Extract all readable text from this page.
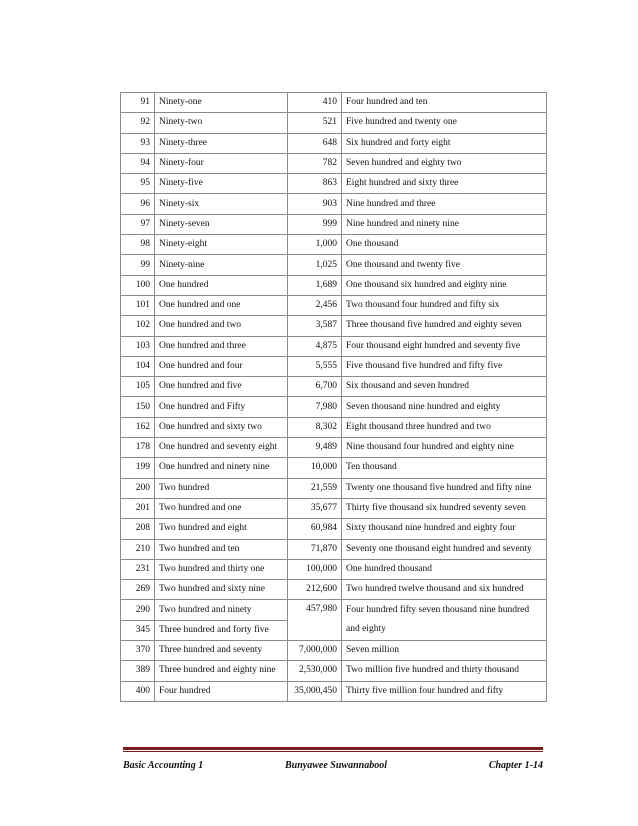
91	Ninety-one	410	Four hundred and ten
92	Ninety-two	521	Five hundred and twenty one
93	Ninety-three	648	Six hundred and forty eight
94	Ninety-four	782	Seven hundred and eighty two
95	Ninety-five	863	Eight hundred and sixty three
96	Ninety-six	903	Nine hundred and three
97	Ninety-seven	999	Nine hundred and ninety nine
98	Ninety-eight	1,000	One thousand
99	Ninety-nine	1,025	One thousand and twenty five
100	One hundred	1,689	One thousand six hundred and eighty nine
101	One hundred and one	2,456	Two thousand four hundred and fifty six
102	One hundred and two	3,587	Three thousand five hundred and eighty seven
103	One hundred and three	4,875	Four thousand eight hundred and seventy five
104	One hundred and four	5,555	Five thousand five hundred and fifty five
105	One hundred and five	6,700	Six thousand and seven hundred
150	One hundred and Fifty	7,980	Seven thousand nine hundred and eighty
162	One hundred and sixty two	8,302	Eight thousand three hundred and two
178	One hundred and seventy eight	9,489	Nine thousand four hundred and eighty nine
199	One hundred and ninety nine	10,000	Ten thousand
200	Two hundred	21,559	Twenty one thousand five hundred and fifty nine
201	Two hundred and one	35,677	Thirty five thousand six hundred seventy seven
208	Two hundred and eight	60,984	Sixty thousand nine hundred and eighty four
210	Two hundred and ten	71,870	Seventy one thousand eight hundred and seventy
231	Two hundred and thirty one	100,000	One hundred thousand
269	Two hundred and sixty nine	212,600	Two hundred twelve thousand and six hundred
290	Two hundred and ninety	457,980	Four hundred fifty seven thousand nine hundred
and eighty

345	Three hundred and forty five		
370	Three hundred and seventy	7,000,000	Seven million
389	Three hundred and eighty nine	2,530,000	Two million five hundred and thirty thousand
400	Four hundred	35,000,450	Thirty five million four hundred and fifty
Basic Accounting 1	Bunyawee Suwannabool	Chapter 1-14
